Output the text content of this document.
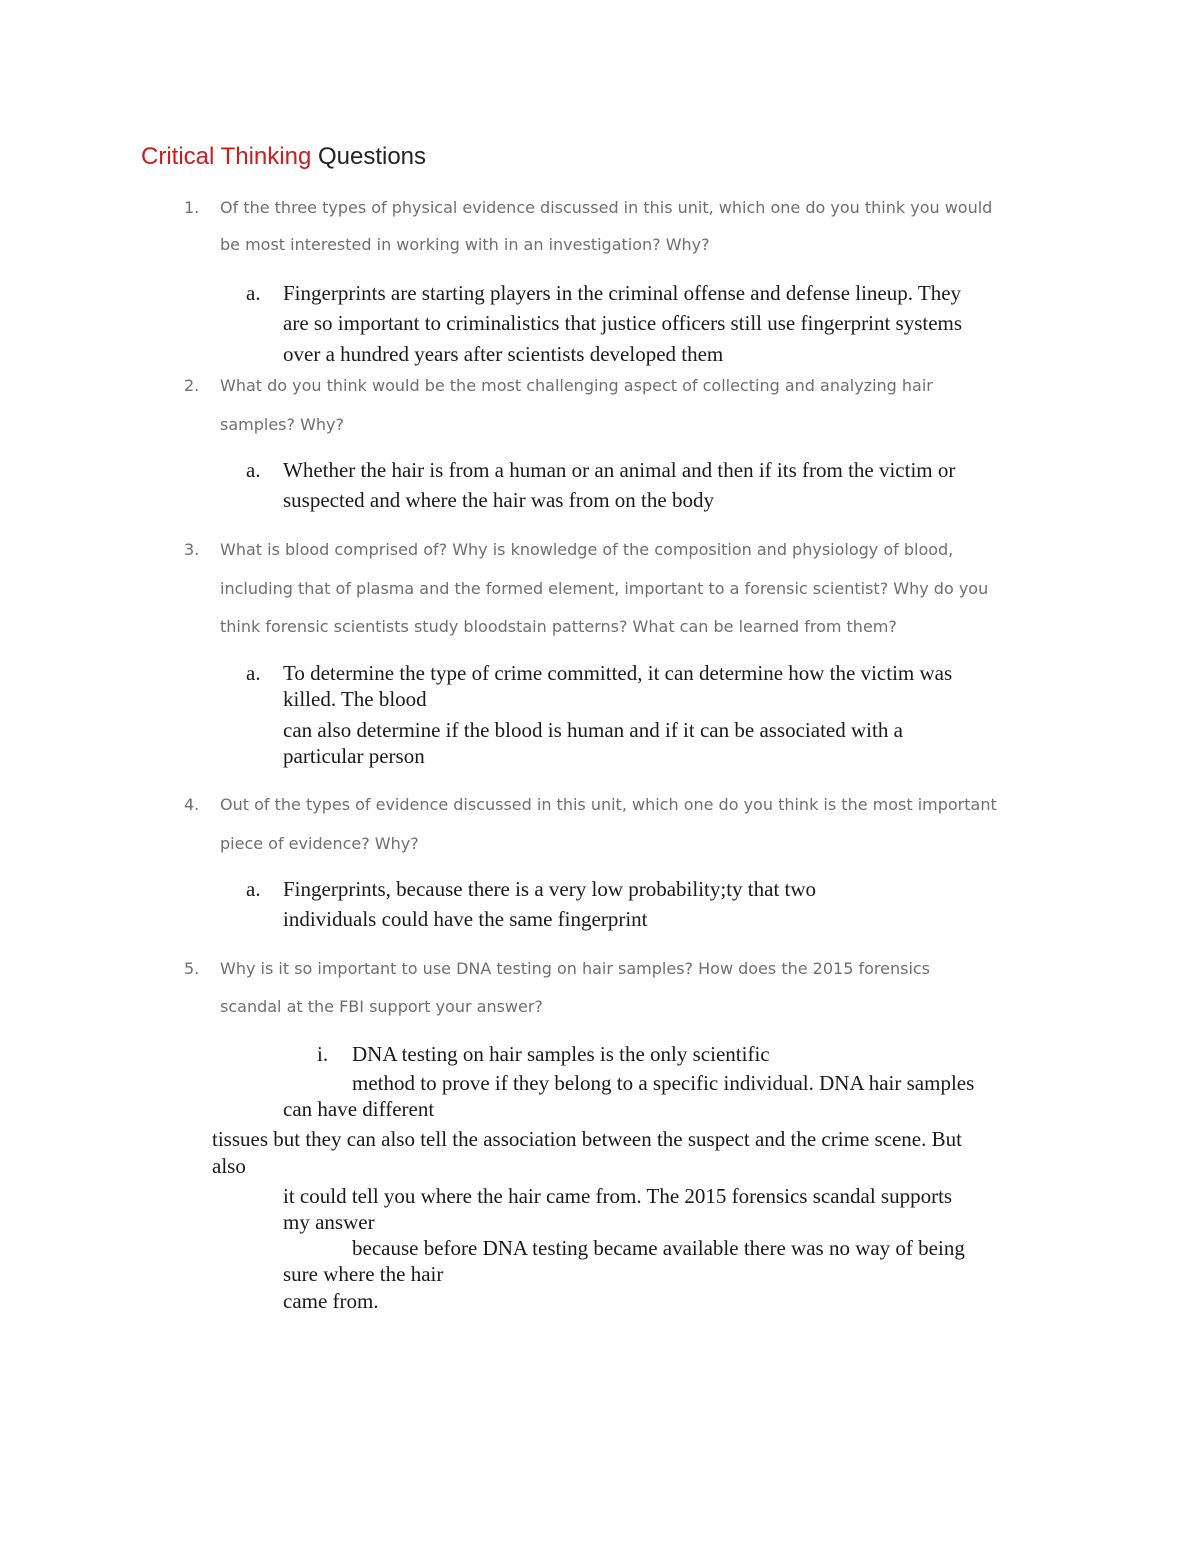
Critical Thinking Questions
1. Of the three types of physical evidence discussed in this unit, which one do you think you would
be most interested in working with in an investigation? Why?
a. Fingerprints are starting players in the criminal offense and defense lineup. They
are so important to criminalistics that justice officers still use fingerprint systems
over a hundred years after scientists developed them
2. What do you think would be the most challenging aspect of collecting and analyzing hair
samples? Why?
a. Whether the hair is from a human or an animal and then if its from the victim or
suspected and where the hair was from on the body
3. What is blood comprised of? Why is knowledge of the composition and physiology of blood,
including that of plasma and the formed element, important to a forensic scientist? Why do you
think forensic scientists study bloodstain patterns? What can be learned from them?
a. To determine the type of crime committed, it can determine how the victim was
killed. The blood
can also determine if the blood is human and if it can be associated with a
particular person
4. Out of the types of evidence discussed in this unit, which one do you think is the most important
piece of evidence? Why?
a. Fingerprints, because there is a very low probability;ty that two
individuals could have the same fingerprint
5. Why is it so important to use DNA testing on hair samples? How does the 2015 forensics
scandal at the FBI support your answer?
i. DNA testing on hair samples is the only scientific
method to prove if they belong to a specific individual. DNA hair samples
can have different
tissues but they can also tell the association between the suspect and the crime scene. But
also
it could tell you where the hair came from. The 2015 forensics scandal supports
my answer
because before DNA testing became available there was no way of being
sure where the hair
came from.
